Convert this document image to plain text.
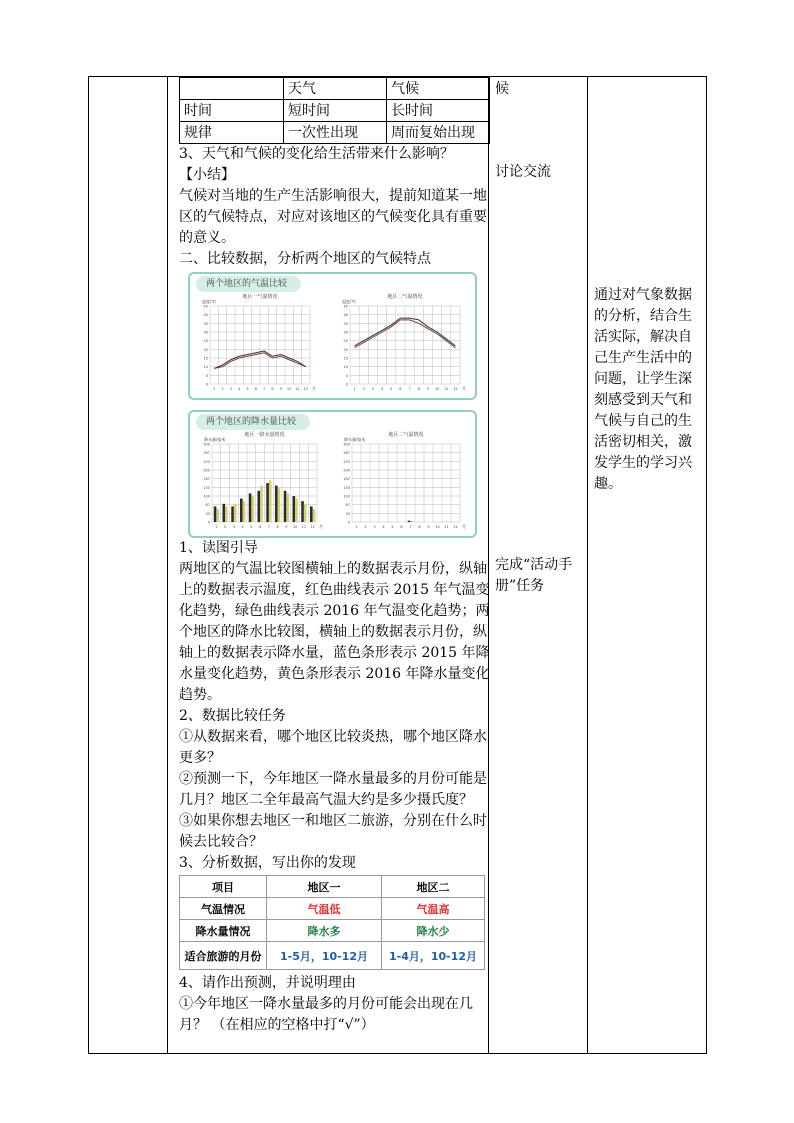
	天气	气候
时间	短时间	长时间
规律	一次性出现	周而复始出现
3、天气和气候的变化给生活带来什么影响？
【小结】
气候对当地的生产生活影响很大，提前知道某一地
区的气候特点，对应对该地区的气候变化具有重要
的意义。
二、比较数据，分析两个地区的气候特点
两个地区的气温比较
地区一气温情况
温度/℃
0
5
10
15
20
25
30
35
40
45
1 2 3 4 5 6 7 8 9 10 11 12 月
地区二气温情况
温度/℃
0
5
10
15
20
25
30
35
40
45
1 2 3 4 5 6 7 8 9 10 11 12 月
两个地区的降水量比较
地区一降水量情况
降水量/毫米
0
33
67
100
133
167
200
233
267
300
1 2 3 4 5 6 7 8 9 10 11 12 月
地区二气温情况
降水量/毫米
0
33
67
100
133
167
200
233
267
300
1 2 3 4 5 6 7 8 9 10 11 12 月
1、读图引导
两地区的气温比较图横轴上的数据表示月份，纵轴
上的数据表示温度，红色曲线表示 2015 年气温变
化趋势，绿色曲线表示 2016 年气温变化趋势；两
个地区的降水比较图，横轴上的数据表示月份，纵
轴上的数据表示降水量，蓝色条形表示 2015 年降
水量变化趋势，黄色条形表示 2016 年降水量变化
趋势。
2、数据比较任务
①从数据来看，哪个地区比较炎热，哪个地区降水
更多？
②预测一下，今年地区一降水量最多的月份可能是
几月？地区二全年最高气温大约是多少摄氏度？
③如果你想去地区一和地区二旅游，分别在什么时
候去比较合？
3、分析数据，写出你的发现
项目	地区一	地区二
气温情况	气温低	气温高
降水量情况	降水多	降水少
适合旅游的月份	1-5月，10-12月	1-4月，10-12月
4、请作出预测，并说明理由
①今年地区一降水量最多的月份可能会出现在几
月？ （在相应的空格中打“√”）
候
讨论交流
完成“活动手
册”任务
通过对气象数据
的分析，结合生
活实际，解决自
己生产生活中的
问题，让学生深
刻感受到天气和
气候与自己的生
活密切相关，激
发学生的学习兴
趣。
